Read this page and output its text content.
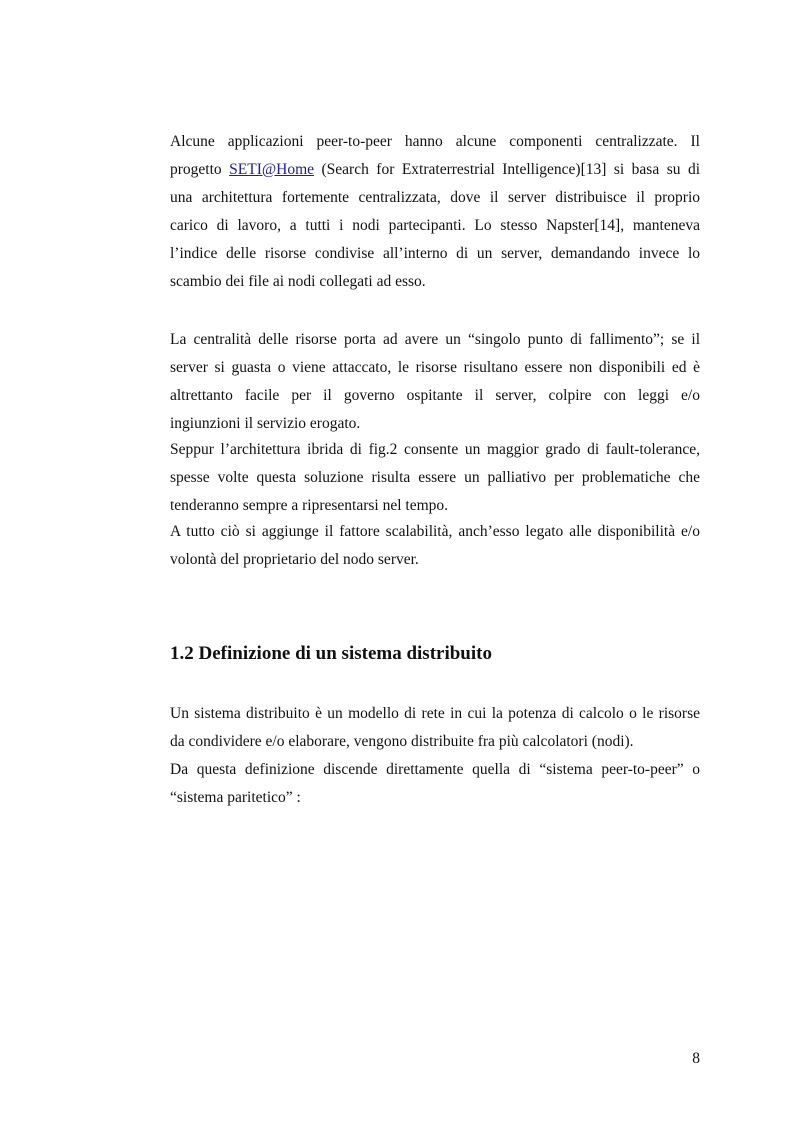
Alcune applicazioni peer-to-peer hanno alcune componenti centralizzate. Il
progetto SETI@Home (Search for Extraterrestrial Intelligence)[13] si basa su di
una architettura fortemente centralizzata, dove il server distribuisce il proprio
carico di lavoro, a tutti i nodi partecipanti. Lo stesso Napster[14], manteneva
l’indice delle risorse condivise all’interno di un server, demandando invece lo
scambio dei file ai nodi collegati ad esso.
La centralità delle risorse porta ad avere un “singolo punto di fallimento”; se il
server si guasta o viene attaccato, le risorse risultano essere non disponibili ed è
altrettanto facile per il governo ospitante il server, colpire con leggi e/o
ingiunzioni il servizio erogato.
Seppur l’architettura ibrida di fig.2 consente un maggior grado di fault-tolerance,
spesse volte questa soluzione risulta essere un palliativo per problematiche che
tenderanno sempre a ripresentarsi nel tempo.
A tutto ciò si aggiunge il fattore scalabilità, anch’esso legato alle disponibilità e/o
volontà del proprietario del nodo server.
1.2 Definizione di un sistema distribuito
Un sistema distribuito è un modello di rete in cui la potenza di calcolo o le risorse
da condividere e/o elaborare, vengono distribuite fra più calcolatori (nodi).
Da questa definizione discende direttamente quella di “sistema peer-to-peer” o
“sistema paritetico” :
8
